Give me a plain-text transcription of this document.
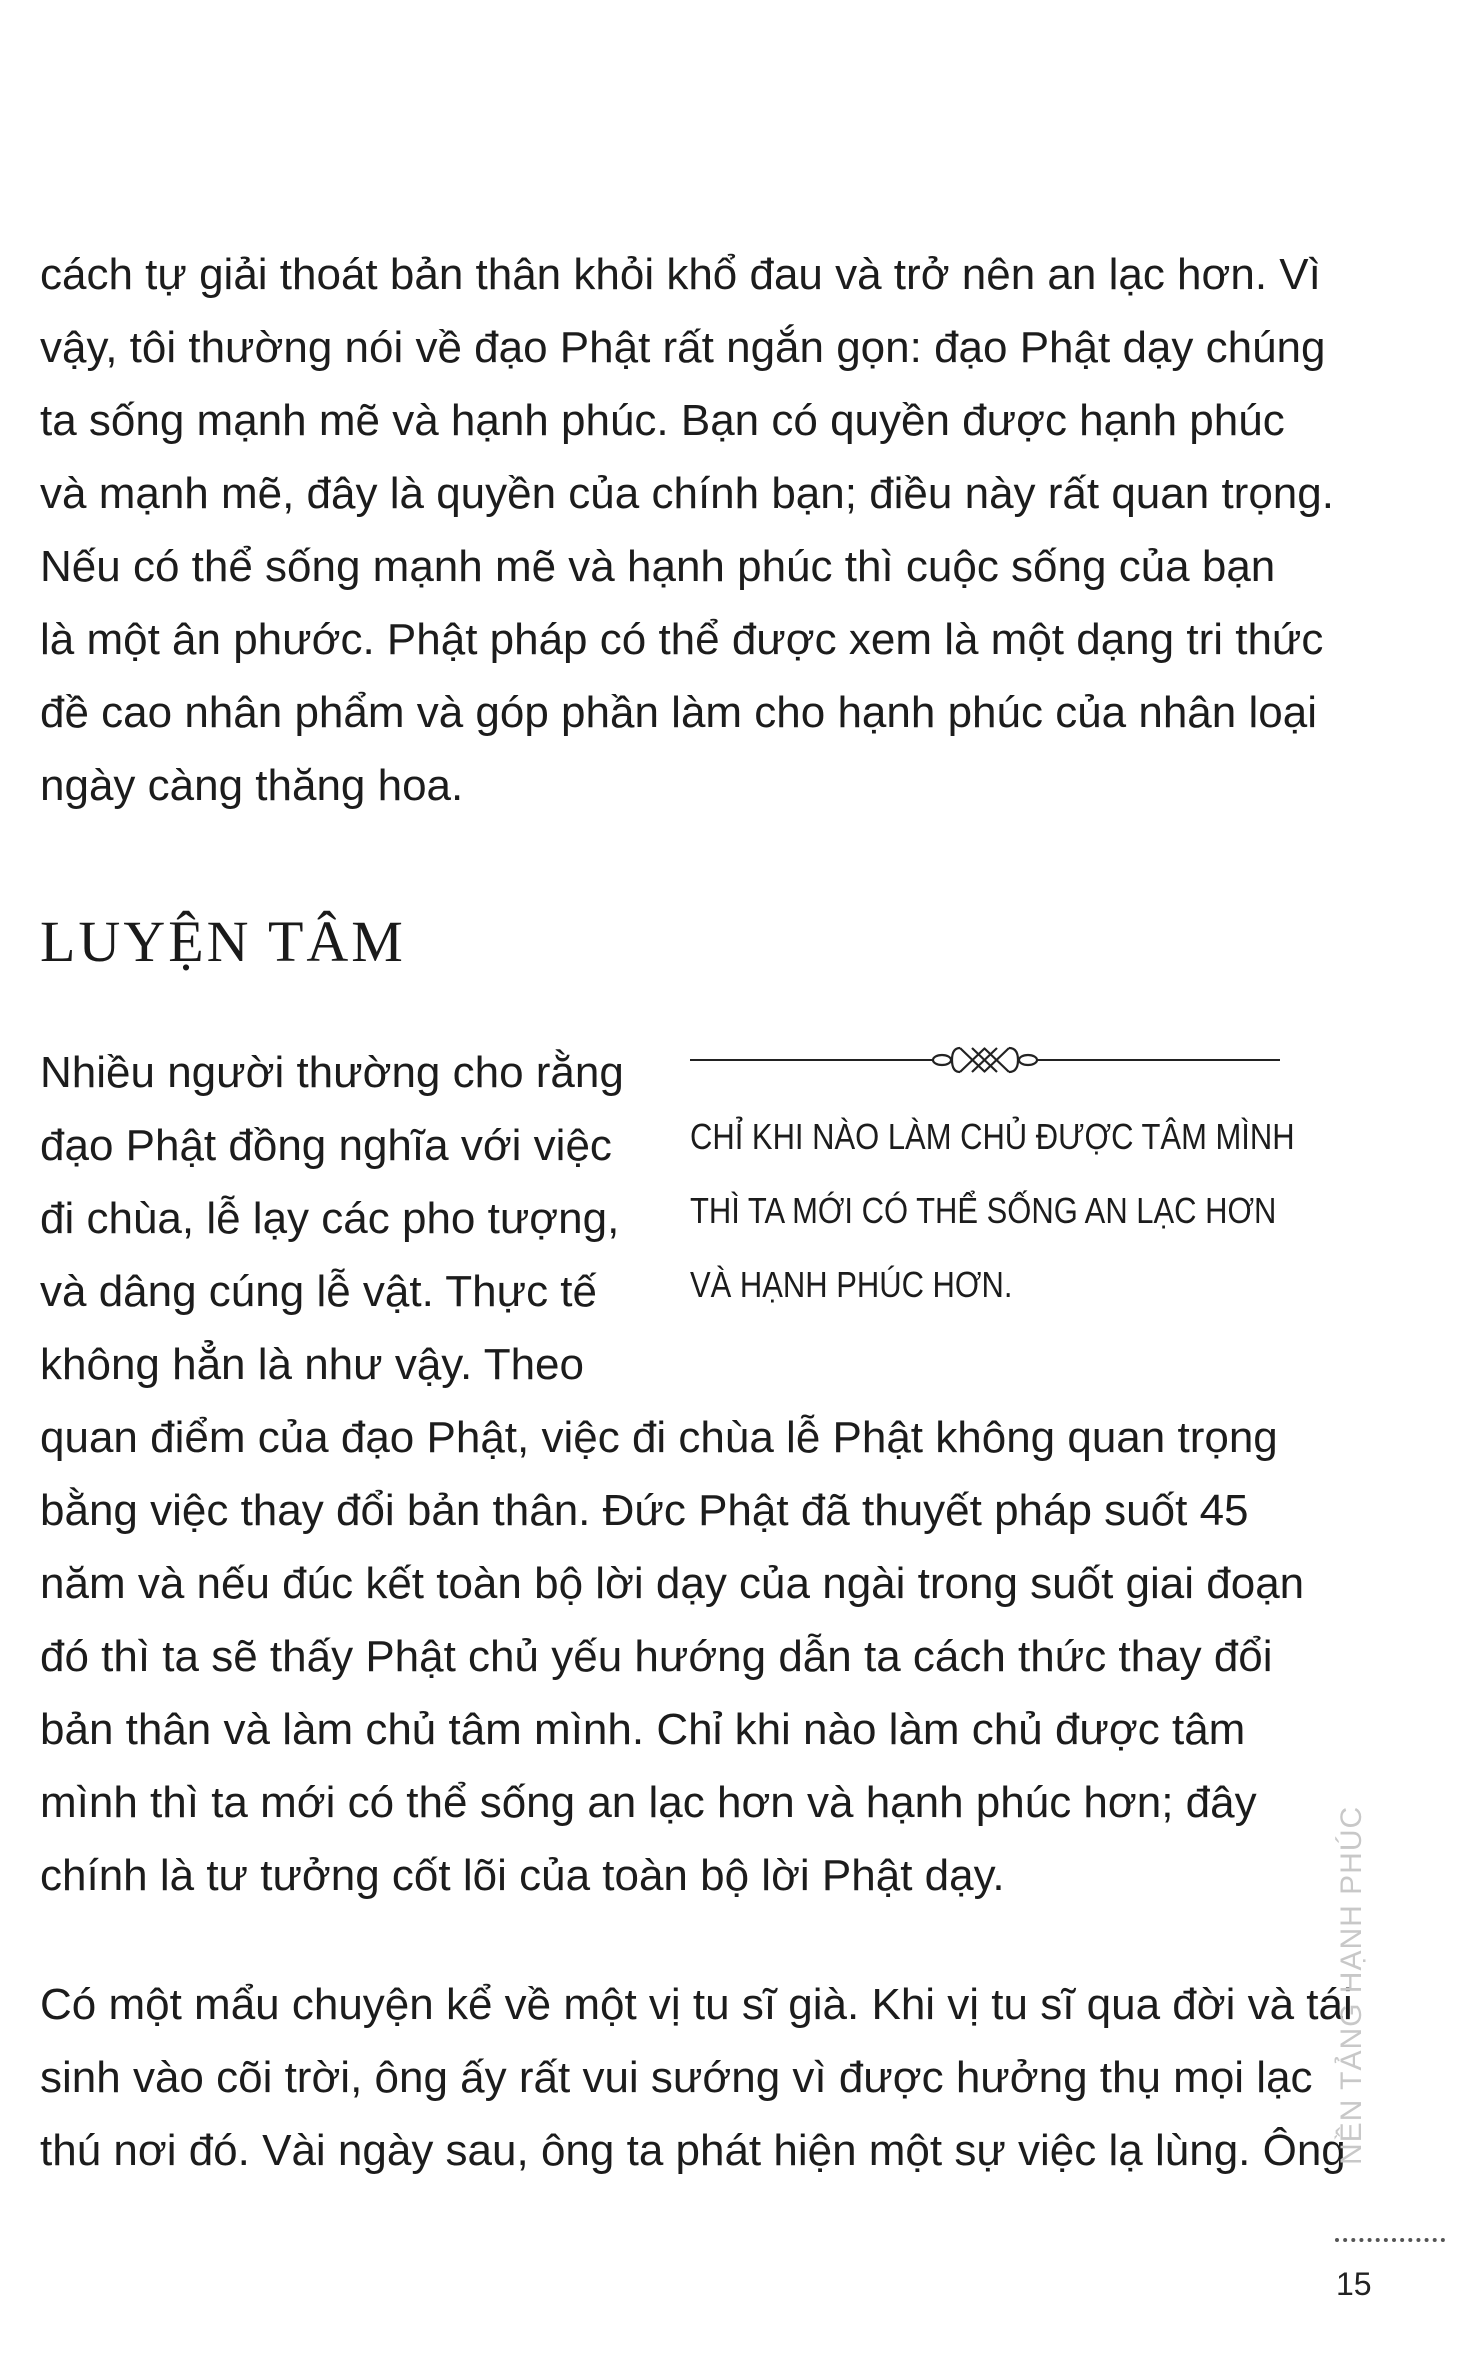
cách tự giải thoát bản thân khỏi khổ đau và trở nên an lạc hơn. Vì
vậy, tôi thường nói về đạo Phật rất ngắn gọn: đạo Phật dạy chúng
ta sống mạnh mẽ và hạnh phúc. Bạn có quyền được hạnh phúc
và mạnh mẽ, đây là quyền của chính bạn; điều này rất quan trọng.
Nếu có thể sống mạnh mẽ và hạnh phúc thì cuộc sống của bạn
là một ân phước. Phật pháp có thể được xem là một dạng tri thức
đề cao nhân phẩm và góp phần làm cho hạnh phúc của nhân loại
ngày càng thăng hoa.
LUYỆN TÂM
Nhiều người thường cho rằng
đạo Phật đồng nghĩa với việc
đi chùa, lễ lạy các pho tượng,
và dâng cúng lễ vật. Thực tế
không hẳn là như vậy. Theo
CHỈ KHI NÀO LÀM CHỦ ĐƯỢC TÂM MÌNH
THÌ TA MỚI CÓ THỂ SỐNG AN LẠC HƠN
VÀ HẠNH PHÚC HƠN.
quan điểm của đạo Phật, việc đi chùa lễ Phật không quan trọng
bằng việc thay đổi bản thân. Đức Phật đã thuyết pháp suốt 45
năm và nếu đúc kết toàn bộ lời dạy của ngài trong suốt giai đoạn
đó thì ta sẽ thấy Phật chủ yếu hướng dẫn ta cách thức thay đổi
bản thân và làm chủ tâm mình. Chỉ khi nào làm chủ được tâm
mình thì ta mới có thể sống an lạc hơn và hạnh phúc hơn; đây
chính là tư tưởng cốt lõi của toàn bộ lời Phật dạy.
Có một mẩu chuyện kể về một vị tu sĩ già. Khi vị tu sĩ qua đời và tái
sinh vào cõi trời, ông ấy rất vui sướng vì được hưởng thụ mọi lạc
thú nơi đó. Vài ngày sau, ông ta phát hiện một sự việc lạ lùng. Ông
NỀN TẢNG HẠNH PHÚC
15
